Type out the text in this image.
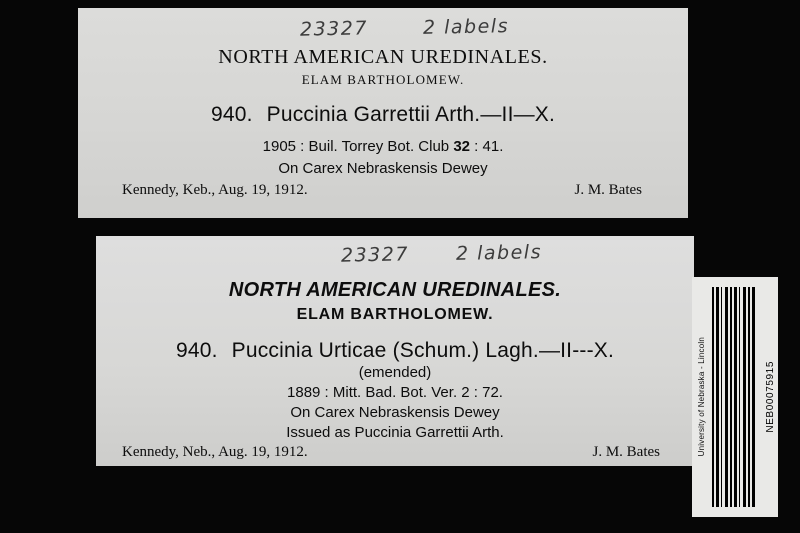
23327	2 labels
NORTH AMERICAN UREDINALES.
ELAM BARTHOLOMEW.
940. Puccinia Garrettii Arth.—II—X.
1905 : Buil. Torrey Bot. Club 32 : 41.
On Carex Nebraskensis Dewey
Kennedy, Keb., Aug. 19, 1912.	J. M. Bates
23327 2 labels
NORTH AMERICAN UREDINALES.
ELAM BARTHOLOMEW.
940. Puccinia Urticae (Schum.) Lagh.—II---X.
(emended)
1889 : Mitt. Bad. Bot. Ver. 2 : 72.
On Carex Nebraskensis Dewey
Issued as Puccinia Garrettii Arth.
Kennedy, Neb., Aug. 19, 1912.	J. M. Bates	University of Nebraska - Lincoln	NEB00075915
